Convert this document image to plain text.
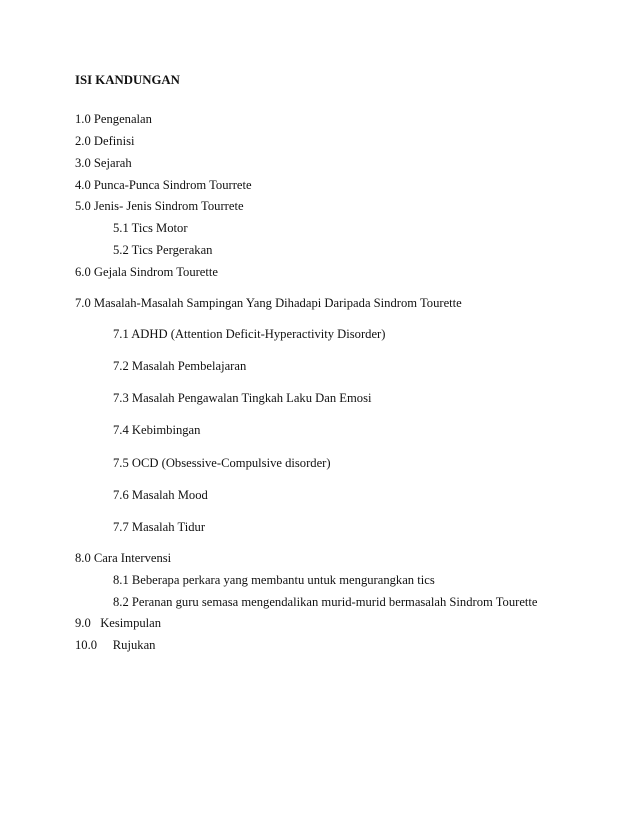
ISI KANDUNGAN
1.0 Pengenalan
2.0 Definisi
3.0 Sejarah
4.0 Punca-Punca Sindrom Tourrete
5.0 Jenis- Jenis Sindrom Tourrete
5.1 Tics Motor
5.2 Tics Pergerakan
6.0 Gejala Sindrom Tourette
7.0 Masalah-Masalah Sampingan Yang Dihadapi Daripada Sindrom Tourette
7.1 ADHD (Attention Deficit-Hyperactivity Disorder)
7.2 Masalah Pembelajaran
7.3 Masalah Pengawalan Tingkah Laku Dan Emosi
7.4 Kebimbingan
7.5 OCD (Obsessive-Compulsive disorder)
7.6 Masalah Mood
7.7 Masalah Tidur
8.0 Cara Intervensi
8.1 Beberapa perkara yang membantu untuk mengurangkan tics
8.2 Peranan guru semasa mengendalikan murid-murid bermasalah Sindrom Tourette
9.0   Kesimpulan
10.0     Rujukan
